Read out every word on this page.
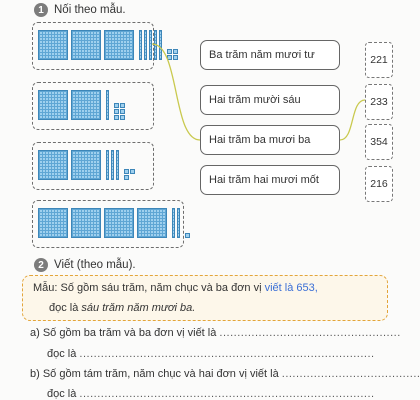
1 Nối theo mẫu.
Ba trăm năm mươi tư
Hai trăm mười sáu
Hai trăm ba mươi ba
Hai trăm hai mươi mốt
221
233
354
216
2 Viết (theo mẫu).
Mẫu: Số gồm sáu trăm, năm chục và ba đơn vị viết là 653,
đọc là sáu trăm năm mươi ba.
a) Số gồm ba trăm và ba đơn vị viết là ...................................................
đọc là ...................................................................................
b) Số gồm tám trăm, năm chục và hai đơn vị viết là .......................................
đọc là ...................................................................................
